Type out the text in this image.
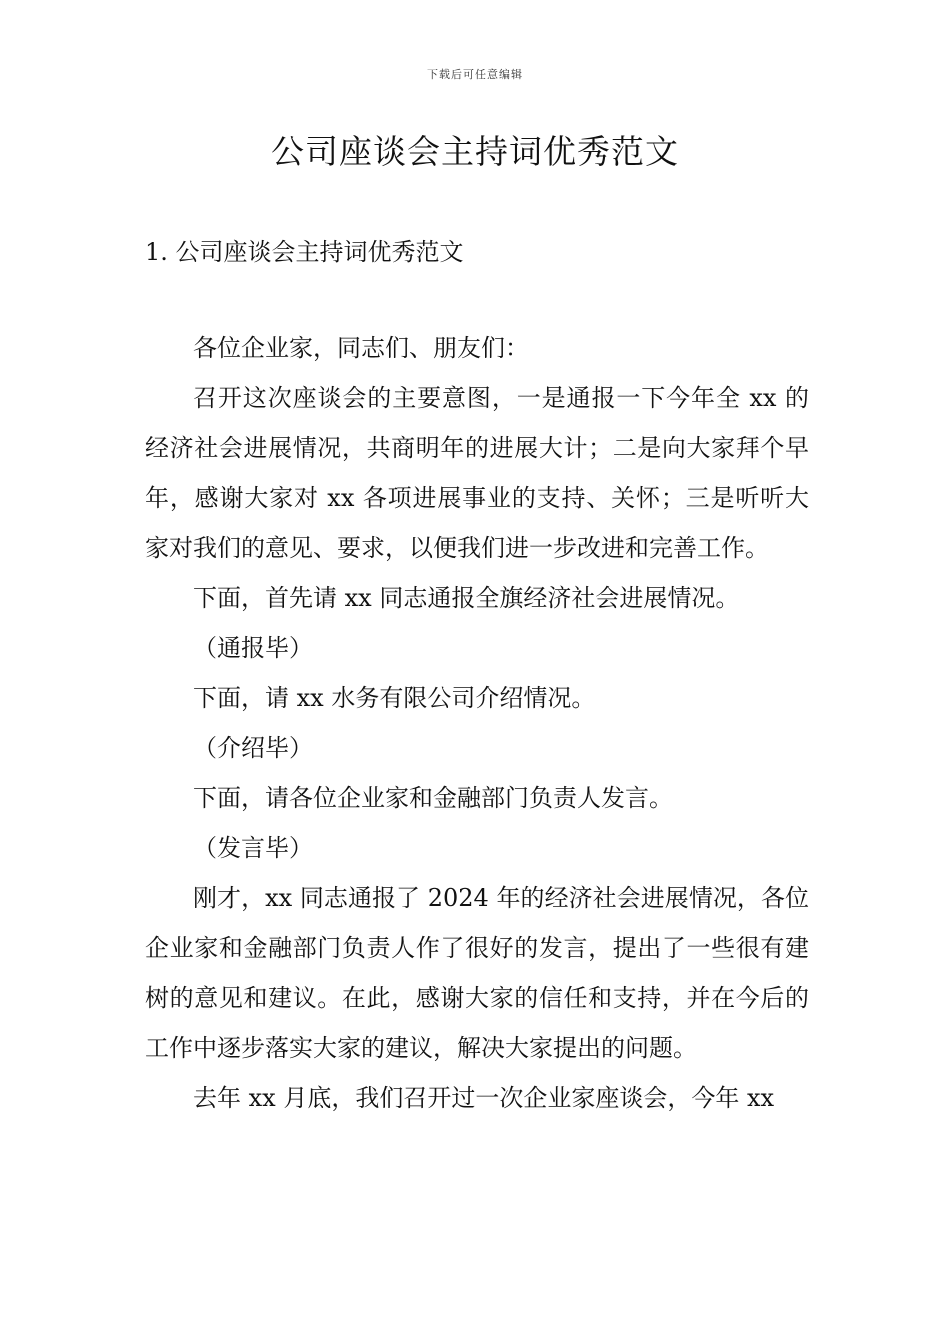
下载后可任意编辑
公司座谈会主持词优秀范文
1. 公司座谈会主持词优秀范文

各位企业家，同志们、朋友们：

召开这次座谈会的主要意图，一是通报一下今年全 xx 的经济社会进展情况，共商明年的进展大计；二是向大家拜个早年，感谢大家对 xx 各项进展事业的支持、关怀；三是听听大家对我们的意见、要求，以便我们进一步改进和完善工作。

下面，首先请 xx 同志通报全旗经济社会进展情况。

（通报毕）

下面，请 xx 水务有限公司介绍情况。

（介绍毕）

下面，请各位企业家和金融部门负责人发言。

（发言毕）

刚才，xx 同志通报了 2024 年的经济社会进展情况，各位企业家和金融部门负责人作了很好的发言，提出了一些很有建树的意见和建议。在此，感谢大家的信任和支持，并在今后的工作中逐步落实大家的建议，解决大家提出的问题。

去年 xx 月底，我们召开过一次企业家座谈会，今年 xx
